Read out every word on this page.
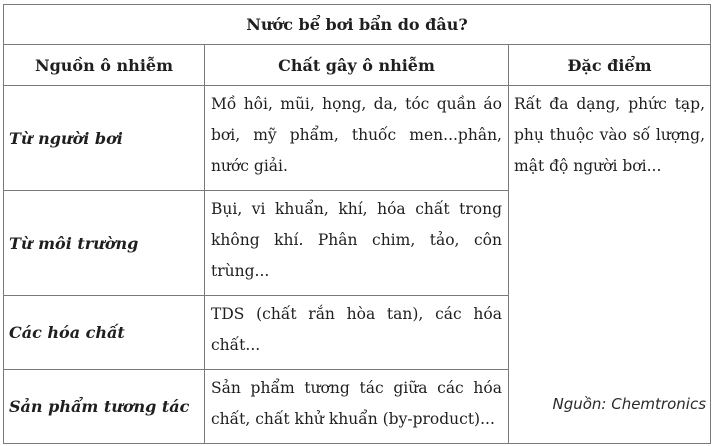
Nước bể bơi bẩn do đâu?		
Nguồn ô nhiễm	Chất gây ô nhiễm	Đặc điểm
Từ người bơi	Mồ hôi, mũi, họng, da, tóc quần áo bơi, mỹ phẩm, thuốc men...phân, nước giải.	Rất đa dạng, phức tạp, phụ thuộc vào số lượng, mật độ người bơi...
Nguồn: Chemtronics

Từ môi trường	Bụi, vi khuẩn, khí, hóa chất trong không khí. Phân chim, tảo, côn trùng...	
Các hóa chất	TDS (chất rắn hòa tan), các hóa chất...	
Sản phẩm tương tác	Sản phẩm tương tác giữa các hóa chất, chất khử khuẩn (by-product)...	
